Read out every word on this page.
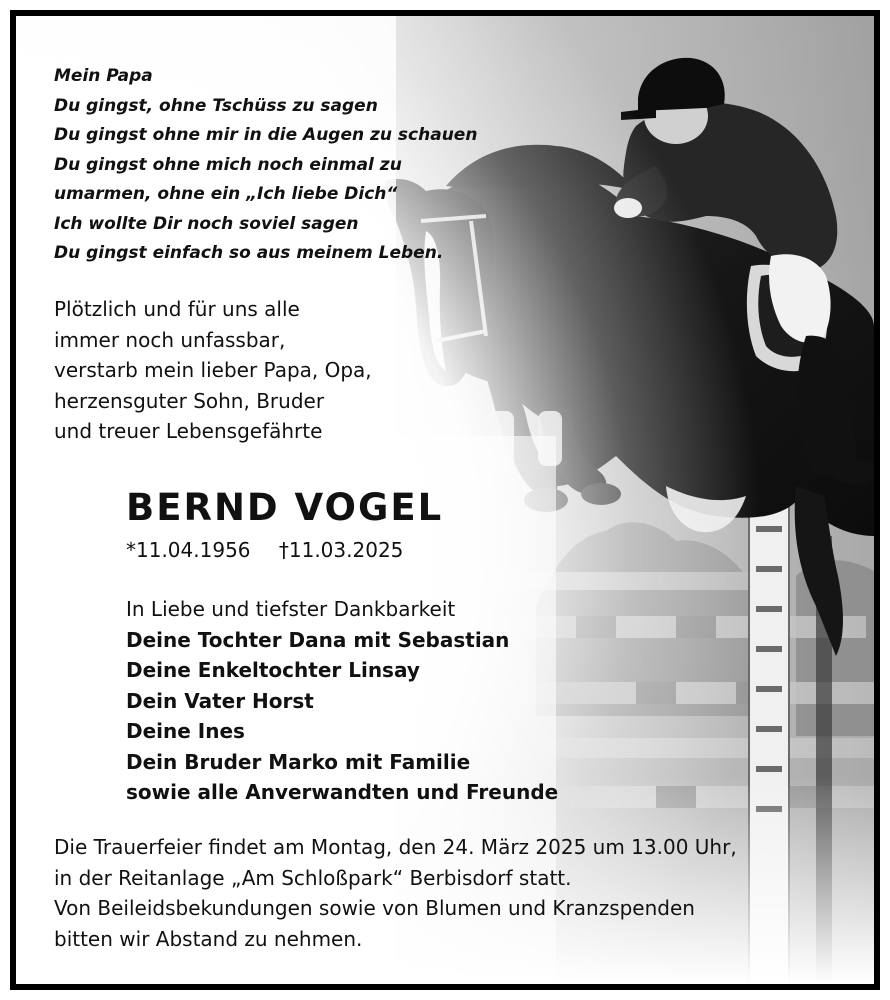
Mein Papa
Du gingst, ohne Tschüss zu sagen
Du gingst ohne mir in die Augen zu schauen
Du gingst ohne mich noch einmal zu
umarmen, ohne ein „Ich liebe Dich“
Ich wollte Dir noch soviel sagen
Du gingst einfach so aus meinem Leben.
Plötzlich und für uns alle
immer noch unfassbar,
verstarb mein lieber Papa, Opa,
herzensguter Sohn, Bruder
und treuer Lebensgefährte
BERND VOGEL
*11.04.1956 †11.03.2025
In Liebe und tiefster Dankbarkeit
Deine Tochter Dana mit Sebastian
Deine Enkeltochter Linsay
Dein Vater Horst
Deine Ines
Dein Bruder Marko mit Familie
sowie alle Anverwandten und Freunde
Die Trauerfeier findet am Montag, den 24. März 2025 um 13.00 Uhr,
in der Reitanlage „Am Schloßpark“ Berbisdorf statt.
Von Beileidsbekundungen sowie von Blumen und Kranzspenden
bitten wir Abstand zu nehmen.
